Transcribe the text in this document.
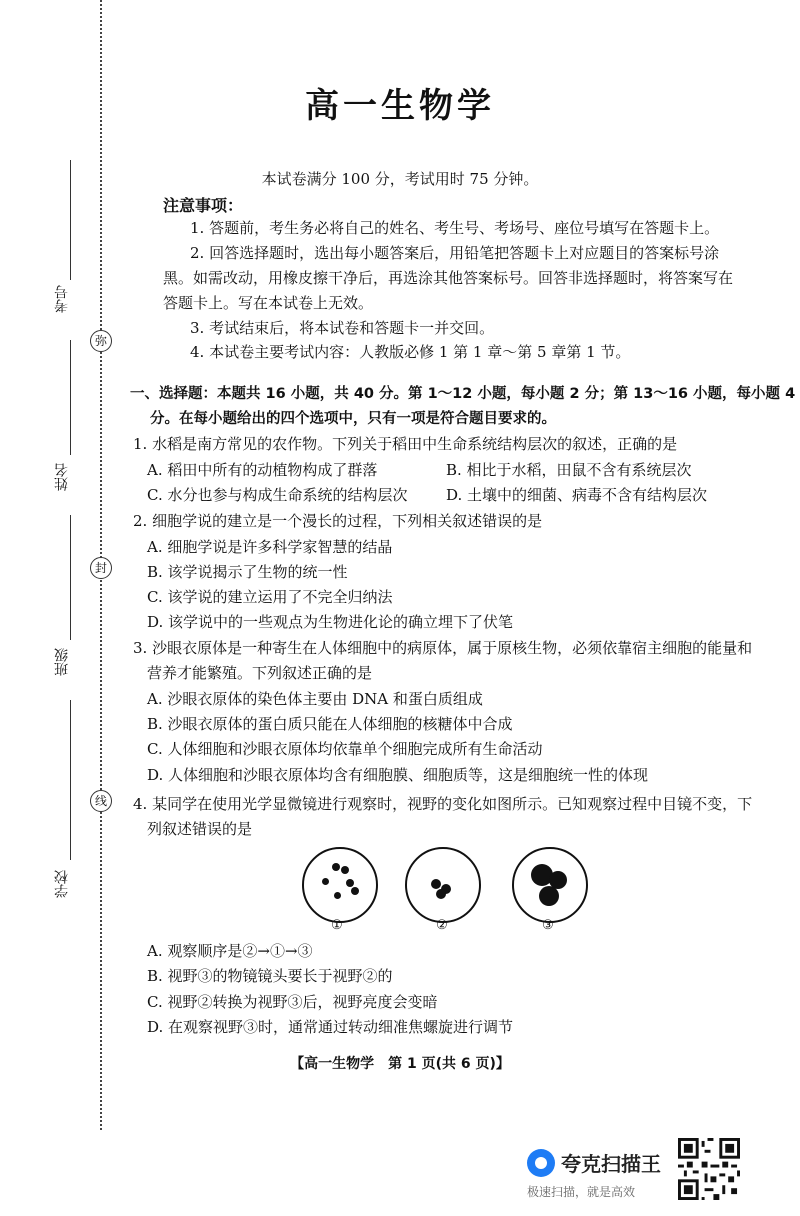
考号
弥
姓名
封
班级
线
学校
高一生物学
本试卷满分 100 分，考试用时 75 分钟。
注意事项：
1. 答题前，考生务必将自己的姓名、考生号、考场号、座位号填写在答题卡上。
2. 回答选择题时，选出每小题答案后，用铅笔把答题卡上对应题目的答案标号涂
黑。如需改动，用橡皮擦干净后，再选涂其他答案标号。回答非选择题时，将答案写在
答题卡上。写在本试卷上无效。
3. 考试结束后，将本试卷和答题卡一并交回。
4. 本试卷主要考试内容：人教版必修 1 第 1 章～第 5 章第 1 节。
一、选择题：本题共 16 小题，共 40 分。第 1～12 小题，每小题 2 分；第 13～16 小题，每小题 4
分。在每小题给出的四个选项中，只有一项是符合题目要求的。
1. 水稻是南方常见的农作物。下列关于稻田中生命系统结构层次的叙述，正确的是
A. 稻田中所有的动植物构成了群落	B. 相比于水稻，田鼠不含有系统层次
C. 水分也参与构成生命系统的结构层次	D. 土壤中的细菌、病毒不含有结构层次
2. 细胞学说的建立是一个漫长的过程，下列相关叙述错误的是
A. 细胞学说是许多科学家智慧的结晶
B. 该学说揭示了生物的统一性
C. 该学说的建立运用了不完全归纳法
D. 该学说中的一些观点为生物进化论的确立埋下了伏笔
3. 沙眼衣原体是一种寄生在人体细胞中的病原体，属于原核生物，必须依靠宿主细胞的能量和
营养才能繁殖。下列叙述正确的是
A. 沙眼衣原体的染色体主要由 DNA 和蛋白质组成
B. 沙眼衣原体的蛋白质只能在人体细胞的核糖体中合成
C. 人体细胞和沙眼衣原体均依靠单个细胞完成所有生命活动
D. 人体细胞和沙眼衣原体均含有细胞膜、细胞质等，这是细胞统一性的体现
4. 某同学在使用光学显微镜进行观察时，视野的变化如图所示。已知观察过程中目镜不变，下
列叙述错误的是
①	②	③
A. 观察顺序是②→①→③
B. 视野③的物镜镜头要长于视野②的
C. 视野②转换为视野③后，视野亮度会变暗
D. 在观察视野③时，通常通过转动细准焦螺旋进行调节
【高一生物学　第 1 页(共 6 页)】
夸克扫描王
极速扫描，就是高效
